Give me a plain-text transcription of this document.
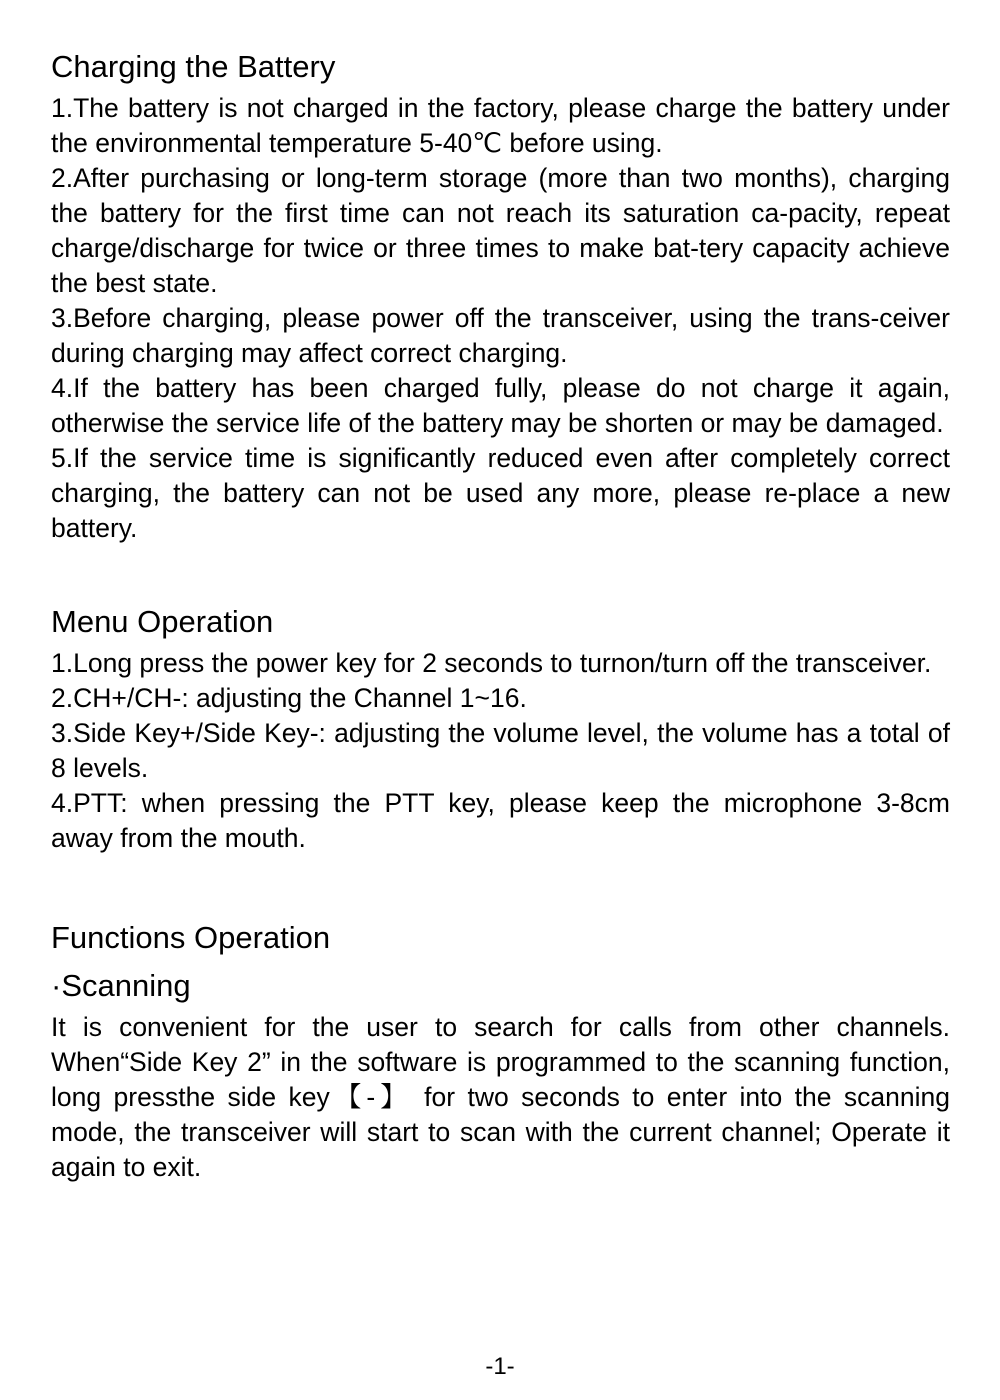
Charging the Battery

1.The battery is not charged in the factory, please charge the battery under the environmental temperature 5-40℃ before using.

2.After purchasing or long-term storage (more than two months), charging the battery for the first time can not reach its saturation ca-pacity, repeat charge/discharge for twice or three times to make bat-tery capacity achieve the best state.

3.Before charging, please power off the transceiver, using the trans-ceiver during charging may affect correct charging.

4.If the battery has been charged fully, please do not charge it again, otherwise the service life of the battery may be shorten or may be damaged.

5.If the service time is significantly reduced even after completely correct charging, the battery can not be used any more, please re-place a new battery.

Menu Operation

1.Long press the power key for 2 seconds to turnon/turn off the transceiver.

2.CH+/CH-: adjusting the Channel 1~16.

3.Side Key+/Side Key-: adjusting the volume level, the volume has a total of 8 levels.

4.PTT: when pressing the PTT key, please keep the microphone 3-8cm away from the mouth.

Functions Operation
·Scanning

It is convenient for the user to search for calls from other channels. When“Side Key 2” in the software is programmed to the scanning function, long pressthe side key【-】 for two seconds to enter into the scanning mode, the transceiver will start to scan with the current channel; Operate it again to exit.

-1-
